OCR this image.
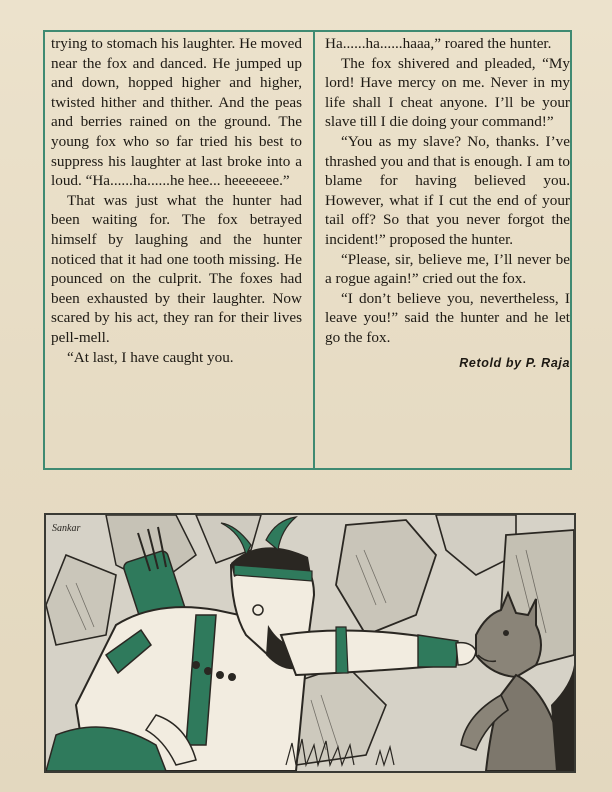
trying to stomach his laughter. He moved near the fox and danced. He jumped up and down, hopped higher and higher, twisted hither and thither. And the peas and berries rained on the ground. The young fox who so far tried his best to suppress his laughter at last broke into a loud. “Ha......ha......he hee... heeeeeee.”

That was just what the hunter had been waiting for. The fox betrayed himself by laughing and the hunter noticed that it had one tooth missing. He pounced on the culprit. The foxes had been exhausted by their laughter. Now scared by his act, they ran for their lives pell-mell.

“At last, I have caught you.

Ha......ha......haaa,” roared the hunter.

The fox shivered and pleaded, “My lord! Have mercy on me. Never in my life shall I cheat anyone. I’ll be your slave till I die doing your command!”

“You as my slave? No, thanks. I’ve thrashed you and that is enough. I am to blame for having believed you. However, what if I cut the end of your tail off? So that you never forgot the incident!” proposed the hunter.

“Please, sir, believe me, I’ll never be a rogue again!” cried out the fox.

“I don’t believe you, nevertheless, I leave you!” said the hunter and he let go the fox.

Retold by P. Raja

Sankar
